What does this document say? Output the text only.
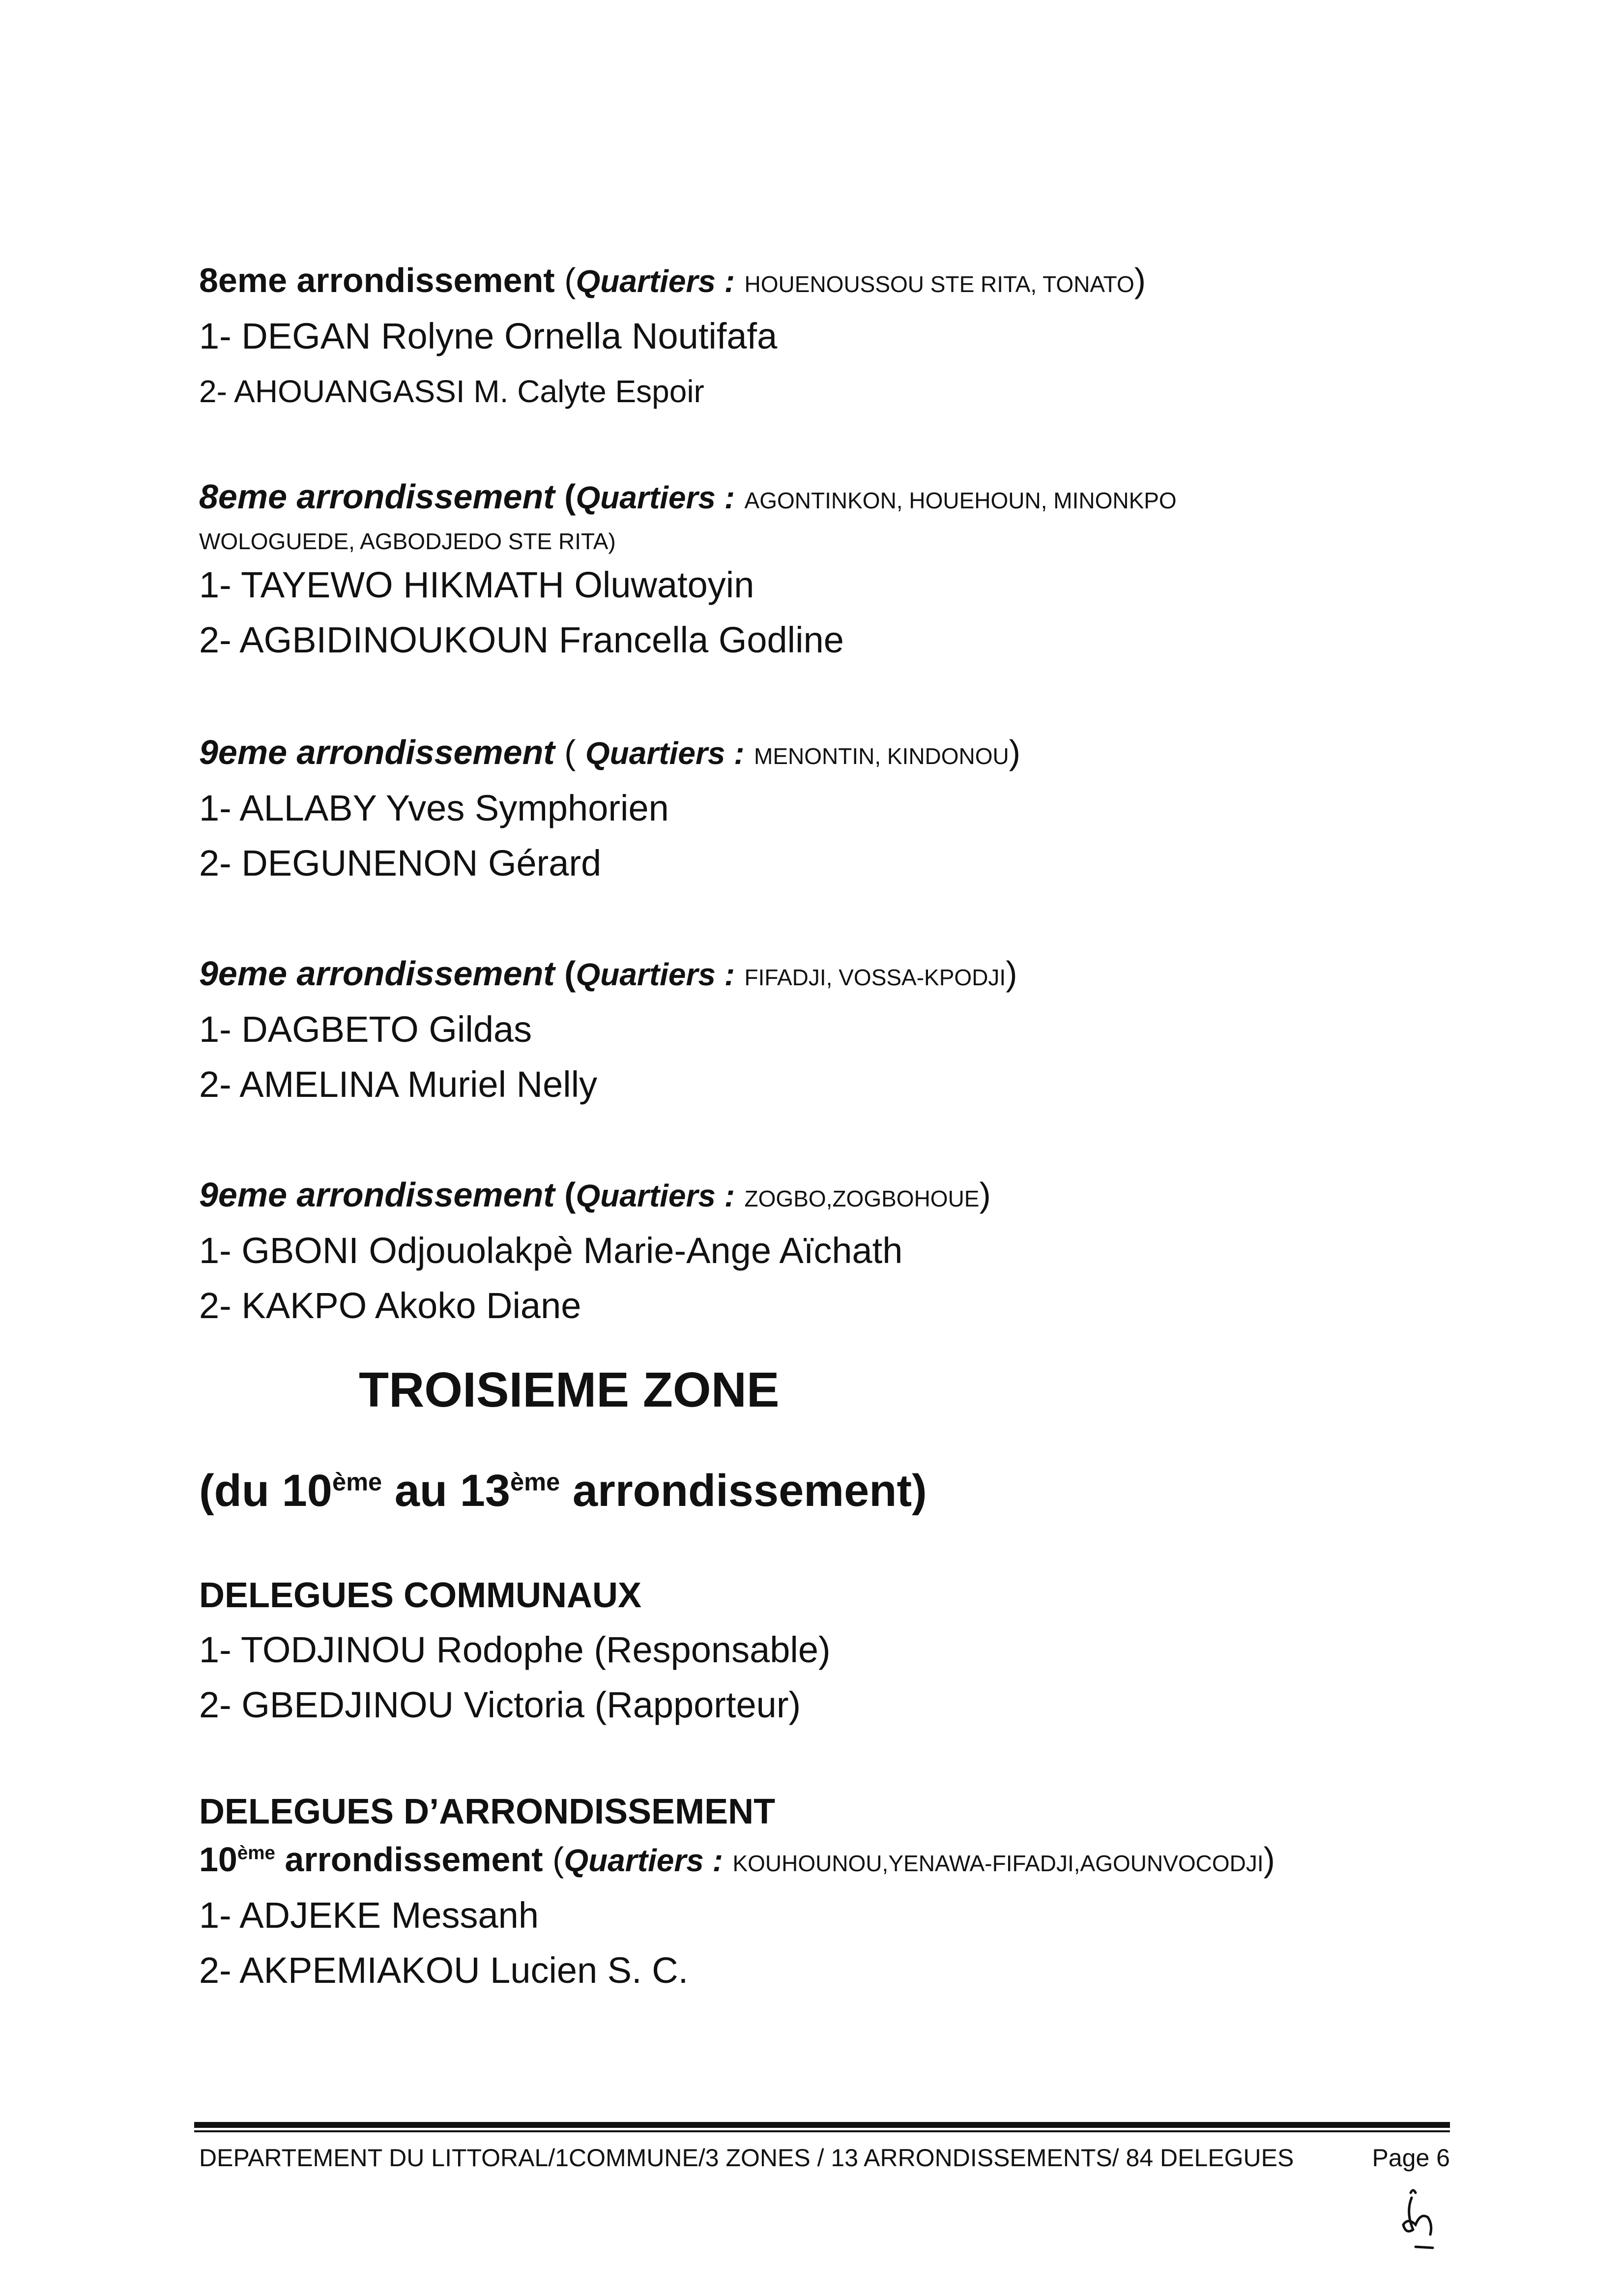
8eme arrondissement (Quartiers : HOUENOUSSOU STE RITA, TONATO)
1- DEGAN Rolyne Ornella Noutifafa
2- AHOUANGASSI M. Calyte Espoir
8eme arrondissement (Quartiers : AGONTINKON, HOUEHOUN, MINONKPO
WOLOGUEDE, AGBODJEDO STE RITA)
1- TAYEWO HIKMATH Oluwatoyin
2- AGBIDINOUKOUN Francella Godline
9eme arrondissement ( Quartiers : MENONTIN, KINDONOU)
1- ALLABY Yves Symphorien
2- DEGUNENON Gérard
9eme arrondissement (Quartiers : FIFADJI, VOSSA-KPODJI)
1- DAGBETO Gildas
2- AMELINA Muriel Nelly
9eme arrondissement (Quartiers : ZOGBO,ZOGBOHOUE)
1- GBONI Odjouolakpè Marie-Ange Aïchath
2- KAKPO Akoko Diane
TROISIEME ZONE
(du 10ème au 13ème arrondissement)
DELEGUES COMMUNAUX
1- TODJINOU Rodophe (Responsable)
2- GBEDJINOU Victoria (Rapporteur)
DELEGUES D’ARRONDISSEMENT
10ème arrondissement (Quartiers : KOUHOUNOU,YENAWA-FIFADJI,AGOUNVOCODJI)
1- ADJEKE Messanh
2- AKPEMIAKOU Lucien S. C.
DEPARTEMENT DU LITTORAL/1COMMUNE/3 ZONES / 13 ARRONDISSEMENTS/ 84 DELEGUES	Page 6
